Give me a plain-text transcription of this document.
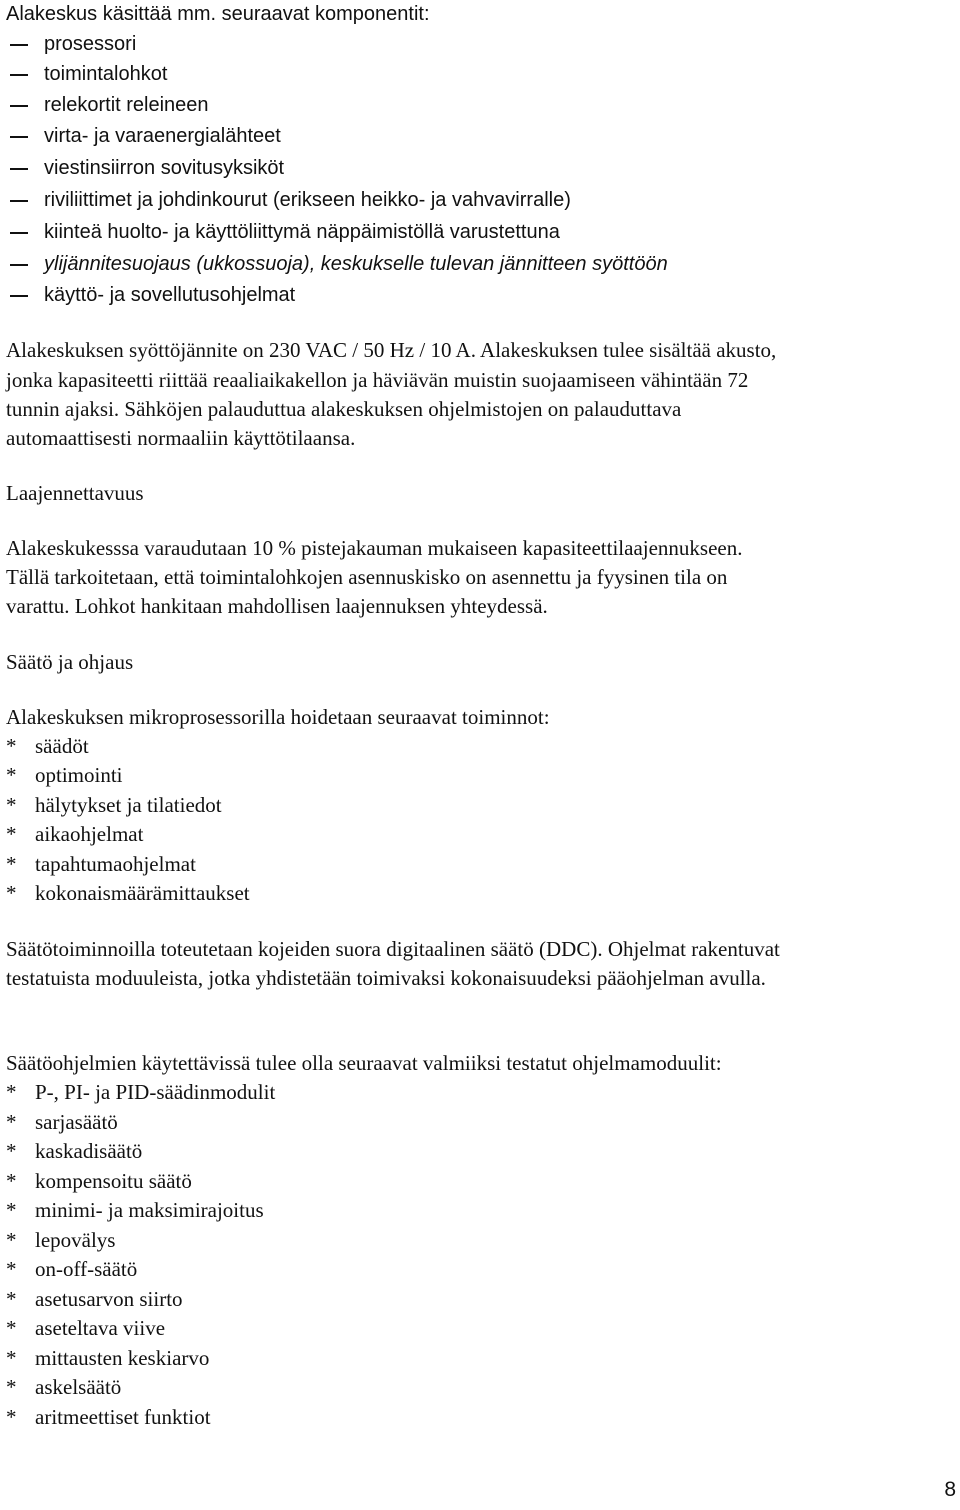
Alakeskus käsittää mm. seuraavat komponentit:
prosessori
toimintalohkot
relekortit releineen
virta- ja varaenergialähteet
viestinsiirron sovitusyksiköt
riviliittimet ja johdinkourut (erikseen heikko- ja vahvavirralle)
kiinteä huolto- ja käyttöliittymä näppäimistöllä varustettuna
ylijännitesuojaus (ukkossuoja), keskukselle tulevan jännitteen syöttöön
käyttö- ja sovellutusohjelmat
Alakeskuksen syöttöjännite on 230 VAC / 50 Hz / 10 A. Alakeskuksen tulee sisältää akusto,
jonka kapasiteetti riittää reaaliaikakellon ja häviävän muistin suojaamiseen vähintään 72
tunnin ajaksi. Sähköjen palauduttua alakeskuksen ohjelmistojen on palauduttava
automaattisesti normaaliin käyttötilaansa.
Laajennettavuus
Alakeskukesssa varaudutaan 10 % pistejakauman mukaiseen kapasiteettilaajennukseen.
Tällä tarkoitetaan, että toimintalohkojen asennuskisko on asennettu ja fyysinen tila on
varattu. Lohkot hankitaan mahdollisen laajennuksen yhteydessä.
Säätö ja ohjaus
Alakeskuksen mikroprosessorilla hoidetaan seuraavat toiminnot:
* säädöt
* optimointi
* hälytykset ja tilatiedot
* aikaohjelmat
* tapahtumaohjelmat
* kokonaismäärämittaukset
Säätötoiminnoilla toteutetaan kojeiden suora digitaalinen säätö (DDC). Ohjelmat rakentuvat
testatuista moduuleista, jotka yhdistetään toimivaksi kokonaisuudeksi pääohjelman avulla.
Säätöohjelmien käytettävissä tulee olla seuraavat valmiiksi testatut ohjelmamoduulit:
* P-, PI- ja PID-säädinmodulit
* sarjasäätö
* kaskadisäätö
* kompensoitu säätö
* minimi- ja maksimirajoitus
* lepovälys
* on-off-säätö
* asetusarvon siirto
* aseteltava viive
* mittausten keskiarvo
* askelsäätö
* aritmeettiset funktiot
8
